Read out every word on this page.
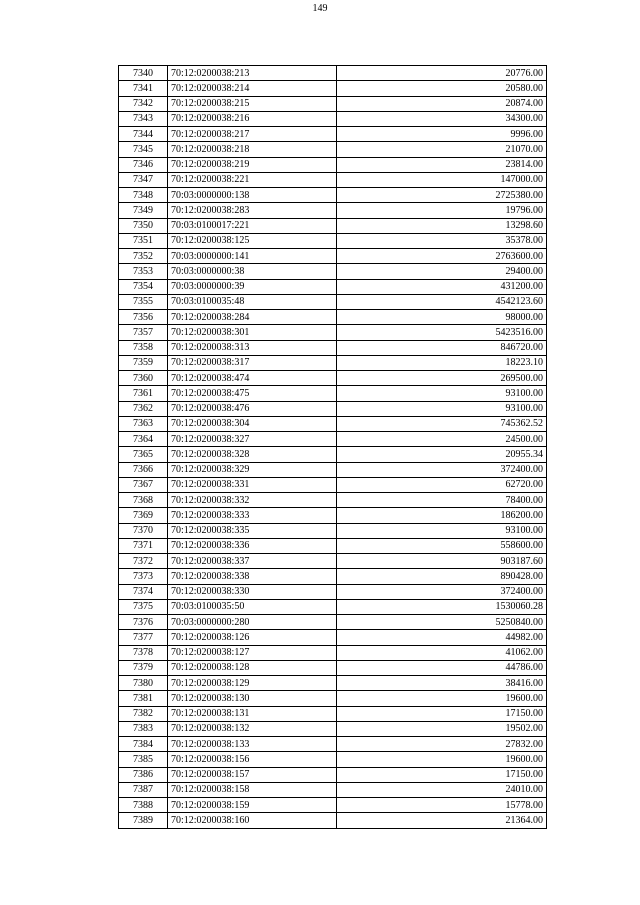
149
7340	70:12:0200038:213	20776.00
7341	70:12:0200038:214	20580.00
7342	70:12:0200038:215	20874.00
7343	70:12:0200038:216	34300.00
7344	70:12:0200038:217	9996.00
7345	70:12:0200038:218	21070.00
7346	70:12:0200038:219	23814.00
7347	70:12:0200038:221	147000.00
7348	70:03:0000000:138	2725380.00
7349	70:12:0200038:283	19796.00
7350	70:03:0100017:221	13298.60
7351	70:12:0200038:125	35378.00
7352	70:03:0000000:141	2763600.00
7353	70:03:0000000:38	29400.00
7354	70:03:0000000:39	431200.00
7355	70:03:0100035:48	4542123.60
7356	70:12:0200038:284	98000.00
7357	70:12:0200038:301	5423516.00
7358	70:12:0200038:313	846720.00
7359	70:12:0200038:317	18223.10
7360	70:12:0200038:474	269500.00
7361	70:12:0200038:475	93100.00
7362	70:12:0200038:476	93100.00
7363	70:12:0200038:304	745362.52
7364	70:12:0200038:327	24500.00
7365	70:12:0200038:328	20955.34
7366	70:12:0200038:329	372400.00
7367	70:12:0200038:331	62720.00
7368	70:12:0200038:332	78400.00
7369	70:12:0200038:333	186200.00
7370	70:12:0200038:335	93100.00
7371	70:12:0200038:336	558600.00
7372	70:12:0200038:337	903187.60
7373	70:12:0200038:338	890428.00
7374	70:12:0200038:330	372400.00
7375	70:03:0100035:50	1530060.28
7376	70:03:0000000:280	5250840.00
7377	70:12:0200038:126	44982.00
7378	70:12:0200038:127	41062.00
7379	70:12:0200038:128	44786.00
7380	70:12:0200038:129	38416.00
7381	70:12:0200038:130	19600.00
7382	70:12:0200038:131	17150.00
7383	70:12:0200038:132	19502.00
7384	70:12:0200038:133	27832.00
7385	70:12:0200038:156	19600.00
7386	70:12:0200038:157	17150.00
7387	70:12:0200038:158	24010.00
7388	70:12:0200038:159	15778.00
7389	70:12:0200038:160	21364.00
